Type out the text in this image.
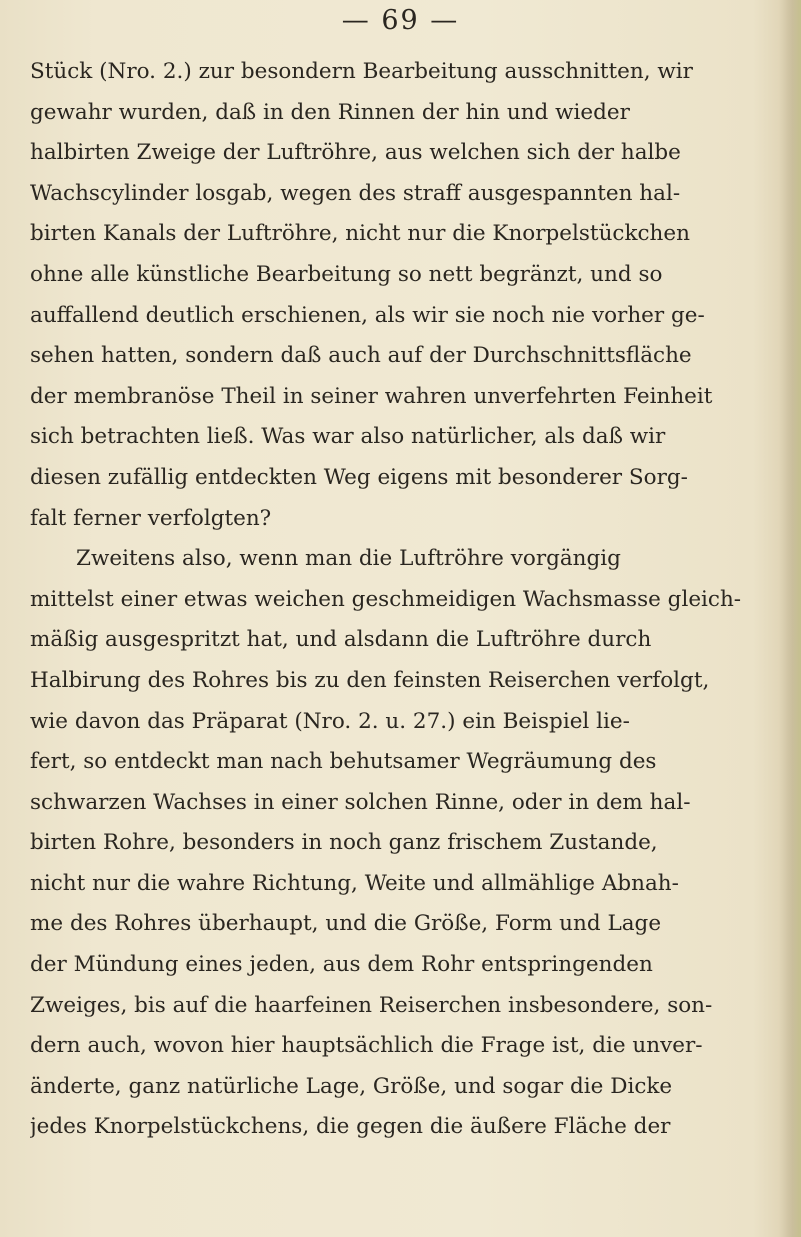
— 69 —
Stück (Nro. 2.) zur besondern Bearbeitung ausschnitten, wir
gewahr wurden, daß in den Rinnen der hin und wieder
halbirten Zweige der Luftröhre, aus welchen sich der halbe
Wachscylinder losgab, wegen des straff ausgespannten hal-
birten Kanals der Luftröhre, nicht nur die Knorpelstückchen
ohne alle künstliche Bearbeitung so nett begränzt, und so
auffallend deutlich erschienen, als wir sie noch nie vorher ge-
sehen hatten, sondern daß auch auf der Durchschnittsfläche
der membranöse Theil in seiner wahren unverfehrten Feinheit
sich betrachten ließ. Was war also natürlicher, als daß wir
diesen zufällig entdeckten Weg eigens mit besonderer Sorg-
falt ferner verfolgten?
Zweitens also, wenn man die Luftröhre vorgängig
mittelst einer etwas weichen geschmeidigen Wachsmasse gleich-
mäßig ausgespritzt hat, und alsdann die Luftröhre durch
Halbirung des Rohres bis zu den feinsten Reiserchen verfolgt,
wie davon das Präparat (Nro. 2. u. 27.) ein Beispiel lie-
fert, so entdeckt man nach behutsamer Wegräumung des
schwarzen Wachses in einer solchen Rinne, oder in dem hal-
birten Rohre, besonders in noch ganz frischem Zustande,
nicht nur die wahre Richtung, Weite und allmählige Abnah-
me des Rohres überhaupt, und die Größe, Form und Lage
der Mündung eines jeden, aus dem Rohr entspringenden
Zweiges, bis auf die haarfeinen Reiserchen insbesondere, son-
dern auch, wovon hier hauptsächlich die Frage ist, die unver-
änderte, ganz natürliche Lage, Größe, und sogar die Dicke
jedes Knorpelstückchens, die gegen die äußere Fläche der
